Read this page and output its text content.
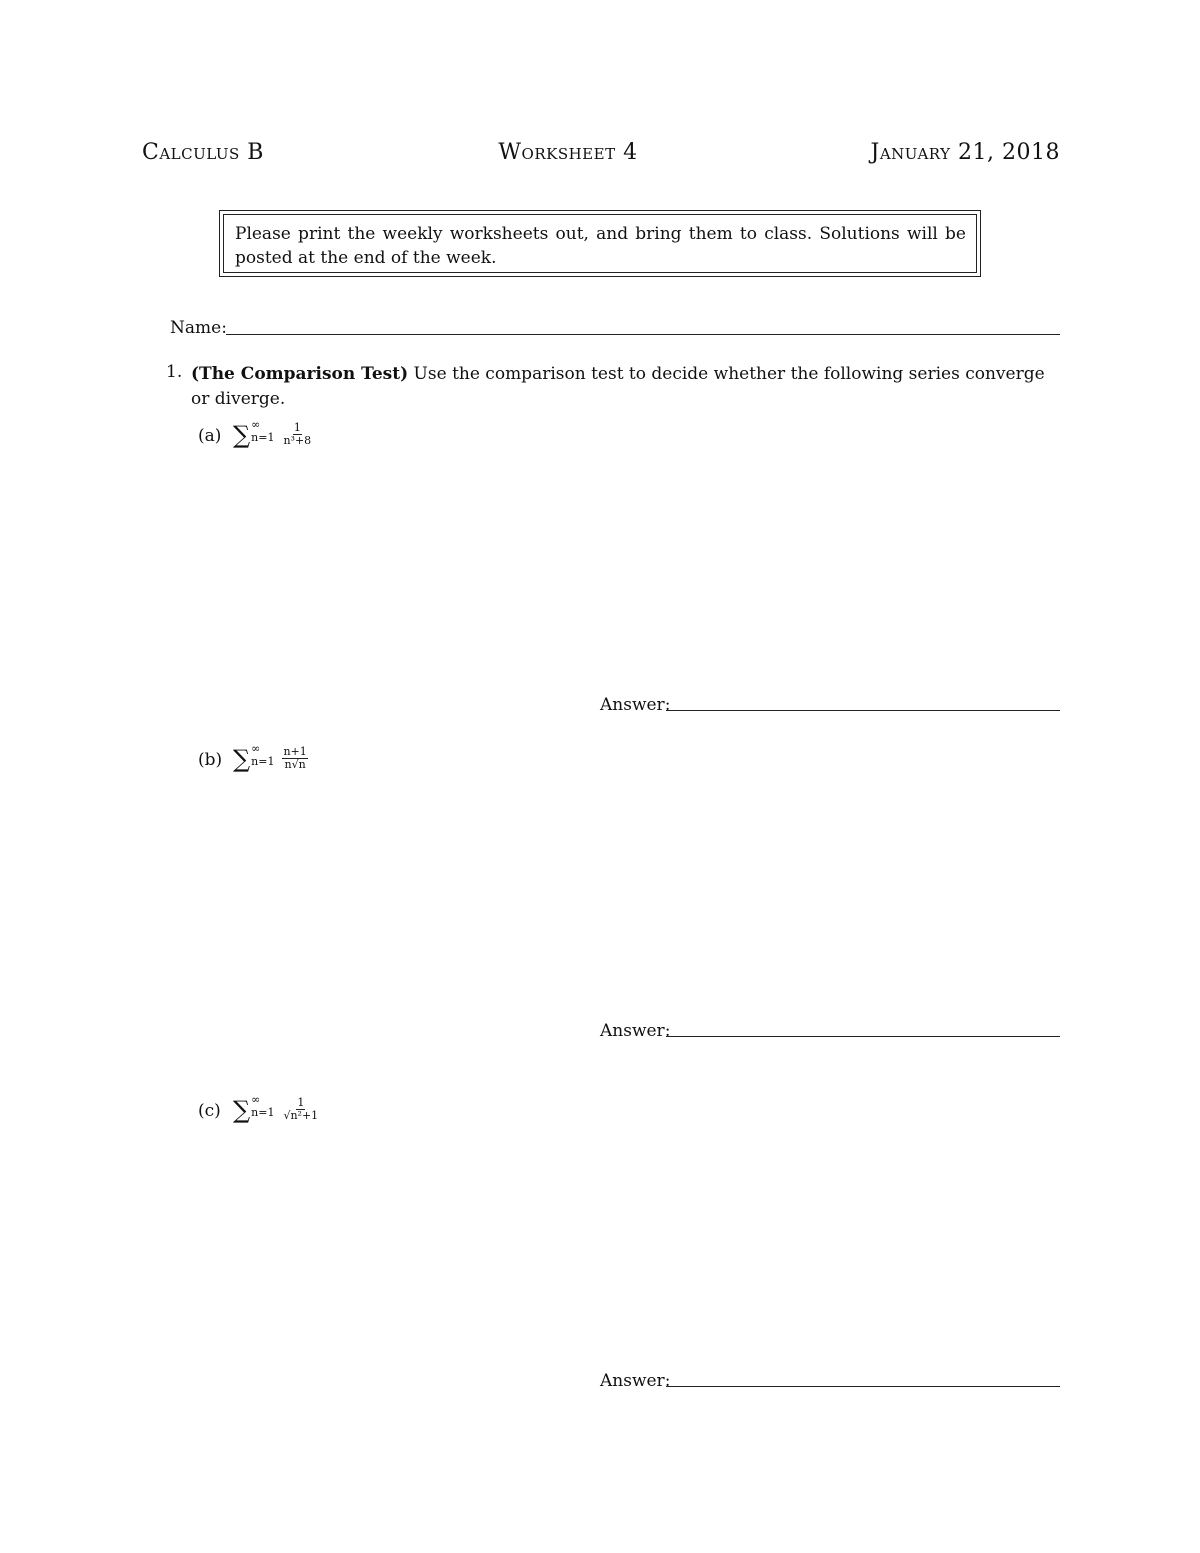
Calculus B	Worksheet 4	January 21, 2018
Please print the weekly worksheets out, and bring them to class. Solutions will be posted at the end of the week.
Name:
1. (The Comparison Test) Use the comparison test to decide whether the following series converge or diverge.
(a) ∑ ∞
$n=1 \frac{1}{\text{n³+8}}$
Answer:
(b) ∑ ∞
$n=1 \frac{n+1}{n√n}$
Answer:
(c) ∑ ∞
$n=1 \frac{1}{\text{√n²+1}}$
Answer:
